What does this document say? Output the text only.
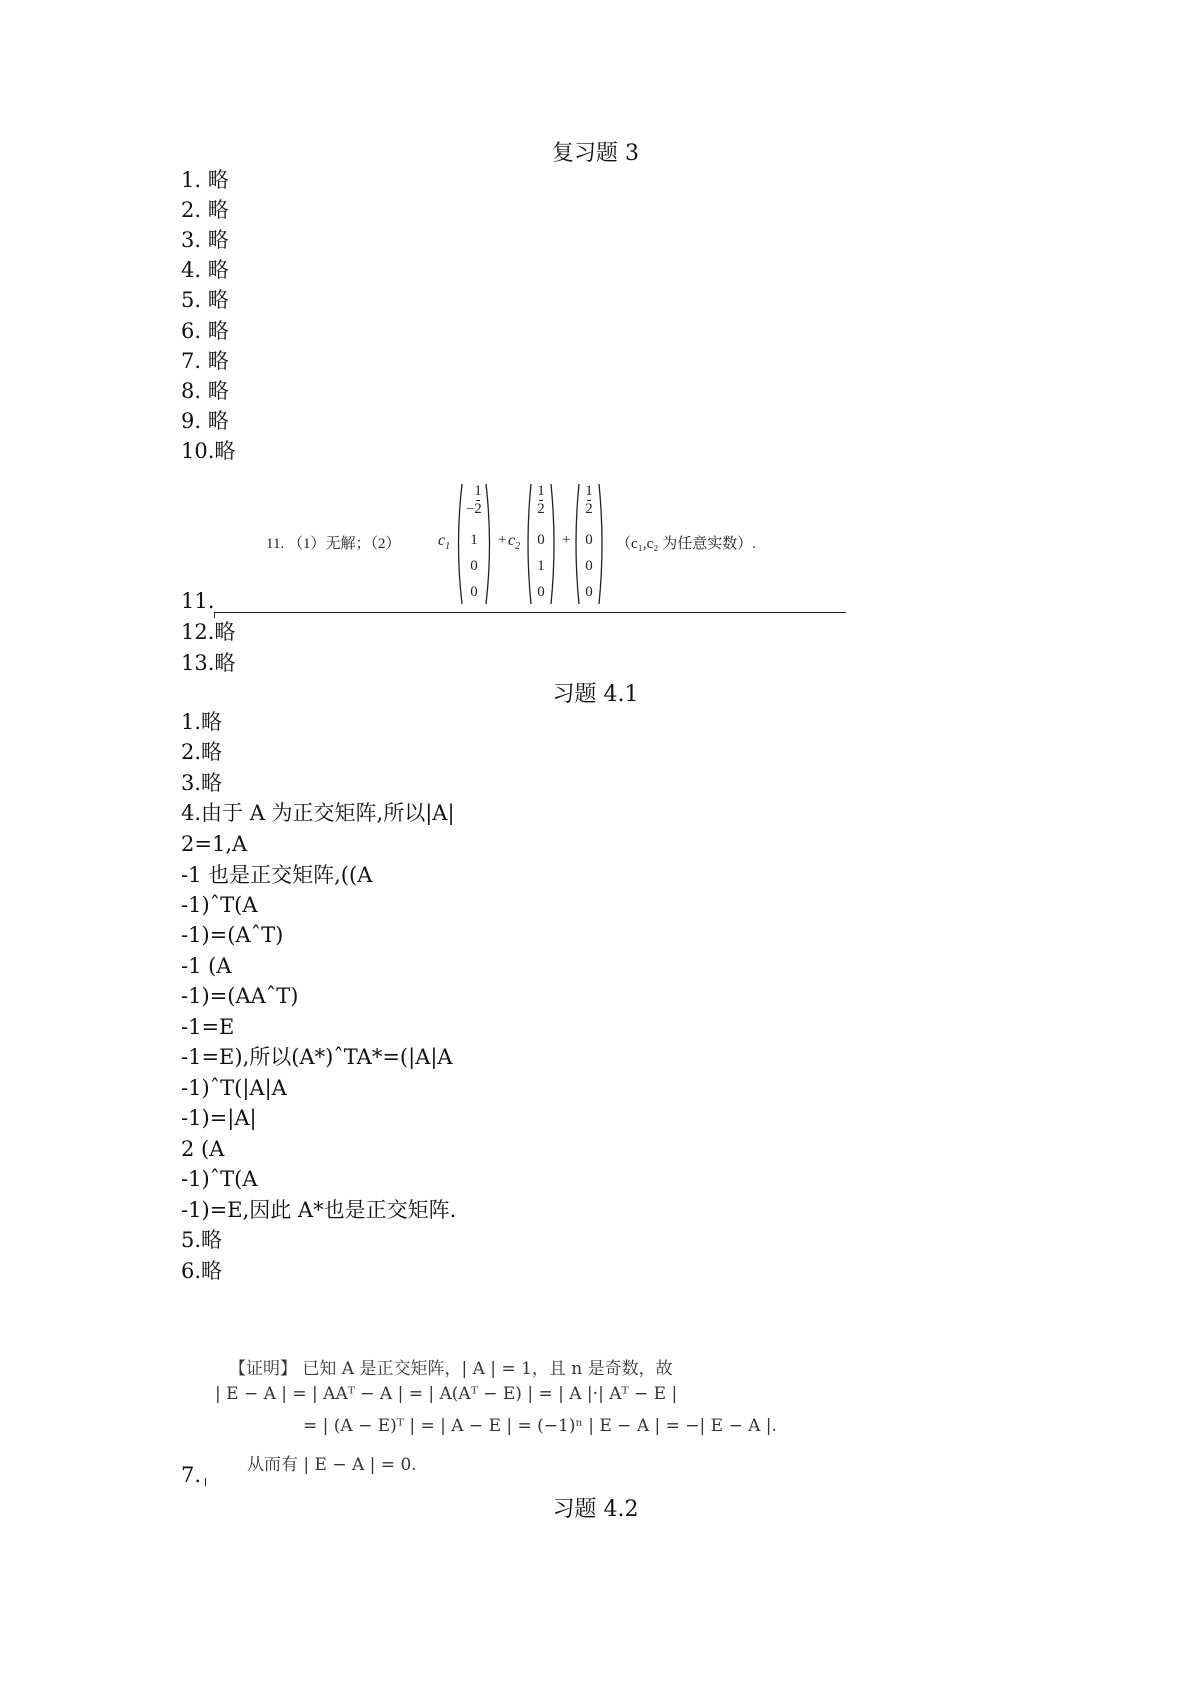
复习题 3
1. 略
2. 略
3. 略
4. 略
5. 略
6. 略
7. 略
8. 略
9. 略
10.略
11.
11. （1）无解；（2） $c_1$
$-\frac{1}{2}$
1
0
0
+ $c_2$
$\frac{1}{2}$
0
1
0
+
$\frac{1}{2}$
0
0
0
（c₁,c₂ 为任意实数）.
12.略
13.略
习题 4.1
1.略
2.略
3.略
4.由于 A 为正交矩阵,所以|A|
2=1,A
-1 也是正交矩阵,((A
-1)ˆT(A
-1)=(AˆT)
-1 (A
-1)=(AAˆT)
-1=E
-1=E),所以(A*)ˆTA*=(|A|A
-1)ˆT(|A|A
-1)=|A|
2 (A
-1)ˆT(A
-1)=E,因此 A*也是正交矩阵.
5.略
6.略
7.
【证明】 已知 A 是正交矩阵，| A | = 1，且 n 是奇数，故
| E − A | = | AAᵀ − A | = | A(Aᵀ − E) | = | A |·| Aᵀ − E |
= | (A − E)ᵀ | = | A − E | = (−1)ⁿ | E − A | = −| E − A |.
从而有 | E − A | = 0.
习题 4.2
